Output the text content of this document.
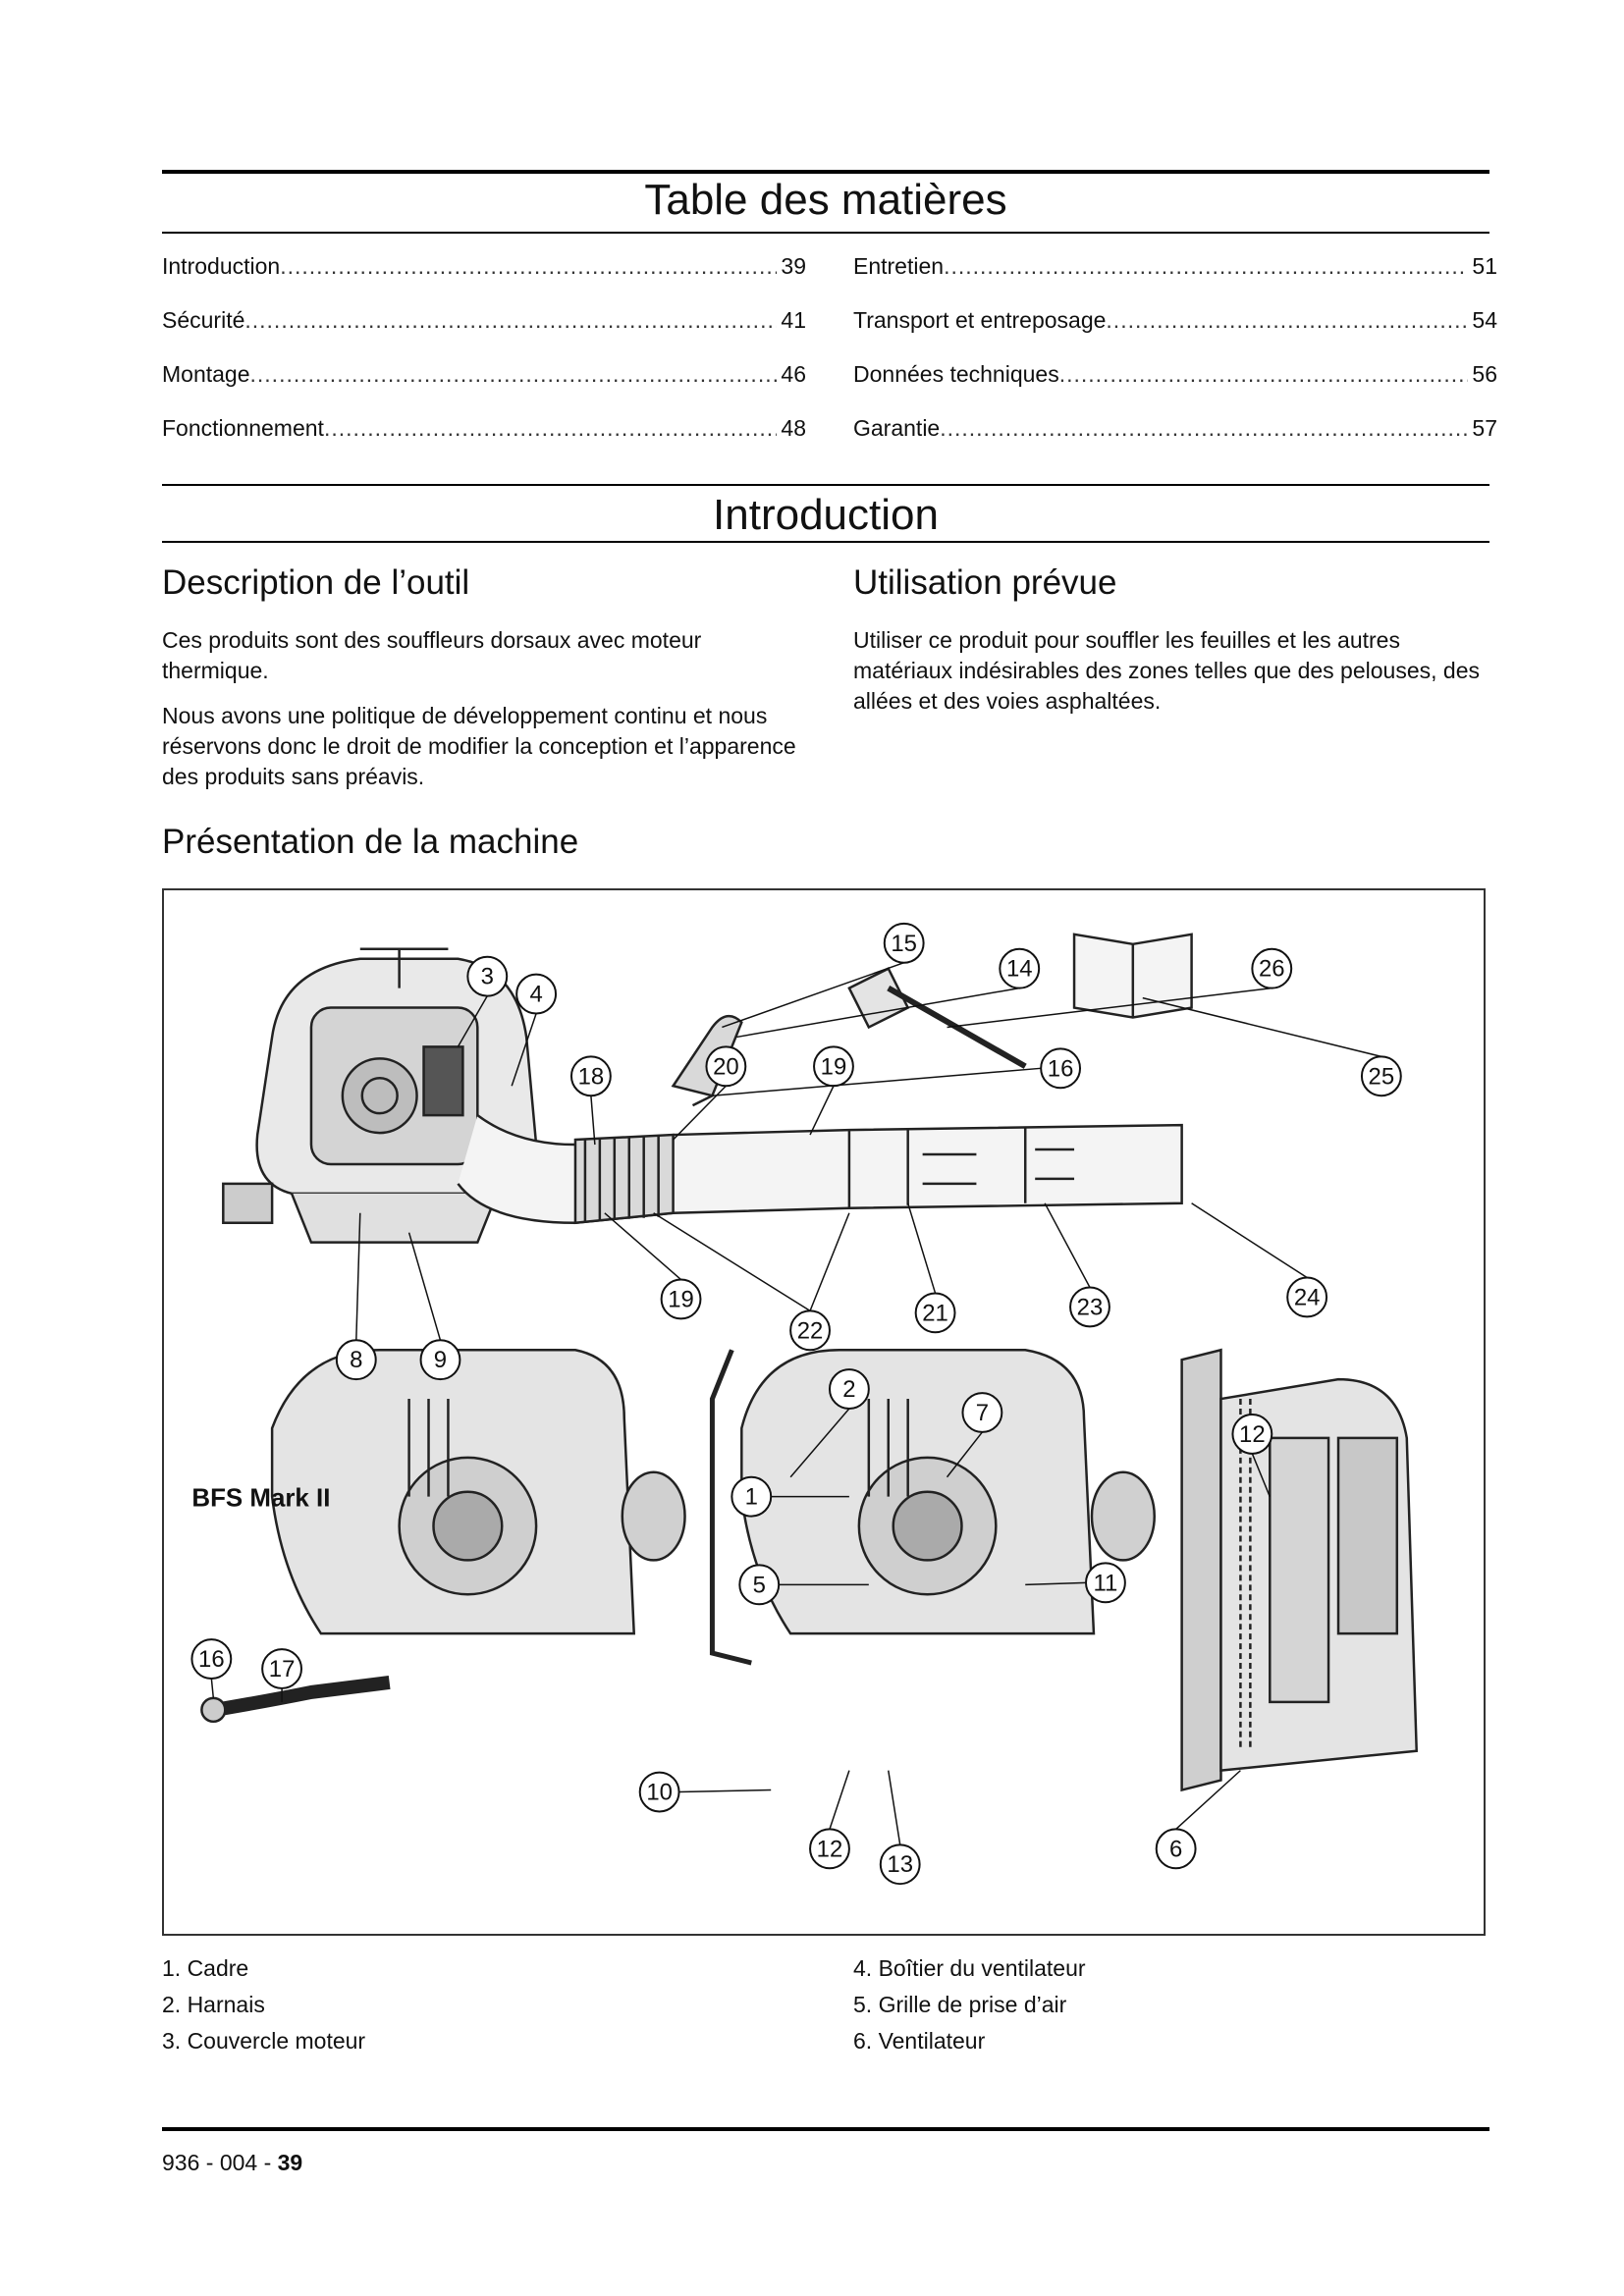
Table des matières
Introduction .....	39
Sécurité .....	41
Montage .....	46
Fonctionnement .....	48
Entretien .....	51
Transport et entreposage .....	54
Données techniques .....	56
Garantie .....	57
Introduction
Description de l’outil
Ces produits sont des souffleurs dorsaux avec moteur thermique.
Nous avons une politique de développement continu et nous réservons donc le droit de modifier la conception et l’apparence des produits sans préavis.
Utilisation prévue
Utiliser ce produit pour souffler les feuilles et les autres matériaux indésirables des zones telles que des pelouses, des allées et des voies asphaltées.
Présentation de la machine
BFS Mark II
3
4
18	20	19
15
14
16
26
25
8	9
19
22
21	23	24
2
7
12
1
5	11
16 17
10
12
13
6
1. Cadre
2. Harnais
3. Couvercle moteur
4. Boîtier du ventilateur
5. Grille de prise d’air
6. Ventilateur
936 - 004 - 39
